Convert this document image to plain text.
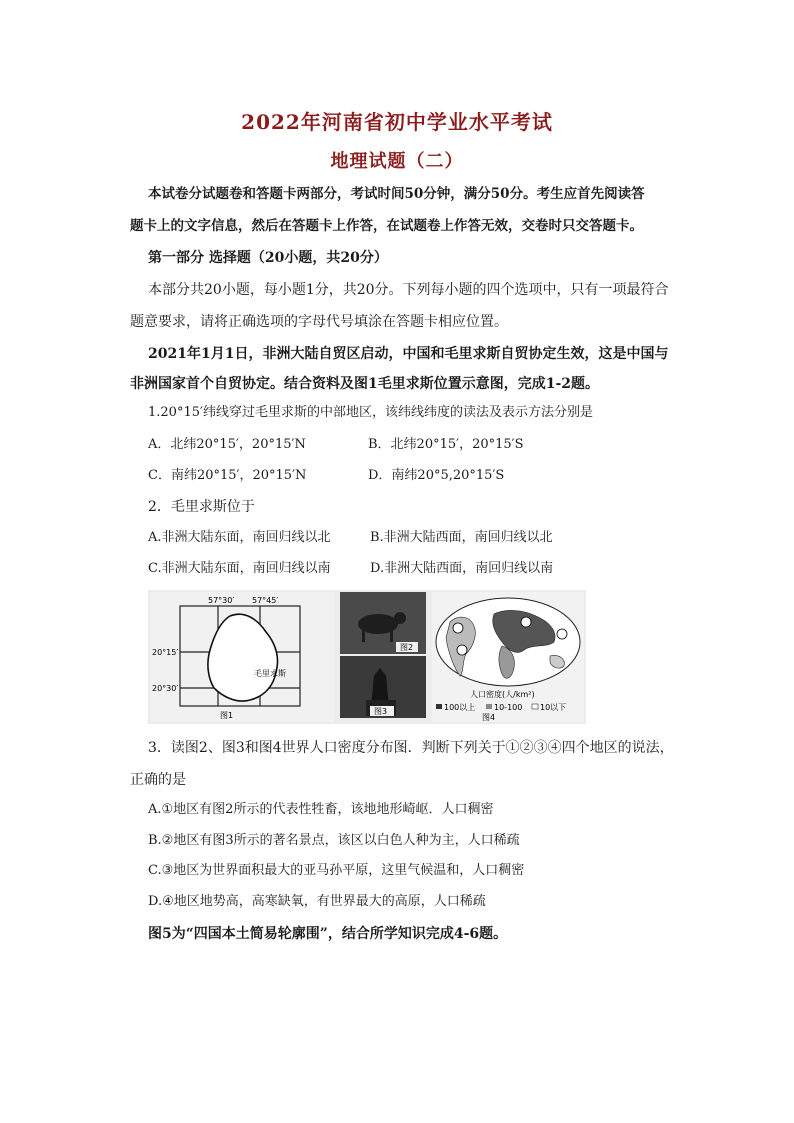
2022年河南省初中学业水平考试
地理试题（二）
本试卷分试题卷和答题卡两部分，考试时间50分钟，满分50分。考生应首先阅读答
题卡上的文字信息，然后在答题卡上作答，在试题卷上作答无效，交卷时只交答题卡。
第一部分 选择题（20小题，共20分）
本部分共20小题，每小题1分，共20分。下列每小题的四个选项中，只有一项最符合
题意要求，请将正确选项的字母代号填涂在答题卡相应位置。
2021年1月1日，非洲大陆自贸区启动，中国和毛里求斯自贸协定生效，这是中国与
非洲国家首个自贸协定。结合资料及图1毛里求斯位置示意图，完成1-2题。
1.20°15′纬线穿过毛里求斯的中部地区，该纬线纬度的读法及表示方法分别是
A．北纬20°15′，20°15′N	B．北纬20°15′，20°15′S
C．南纬20°15′，20°15′N	D．南纬20°5,20°15′S
2．毛里求斯位于
A.非洲大陆东面，南回归线以北	B.非洲大陆西面，南回归线以北
C.非洲大陆东面，南回归线以南	D.非洲大陆西面，南回归线以南
57°30′ 57°45′
20°15′
20°30′
毛里求斯
图1
图2
图3
人口密度(人/km²)
100以上 10-100 10以下
图4
3．读图2、图3和图4世界人口密度分布图．判断下列关于①②③④四个地区的说法，
正确的是
A.①地区有图2所示的代表性牲畜，该地地形崎岖．人口稠密
B.②地区有图3所示的著名景点，该区以白色人种为主，人口稀疏
C.③地区为世界面积最大的亚马孙平原，这里气候温和，人口稠密
D.④地区地势高，高寒缺氧，有世界最大的高原，人口稀疏
图5为“四国本土简易轮廓围”，结合所学知识完成4-6题。
